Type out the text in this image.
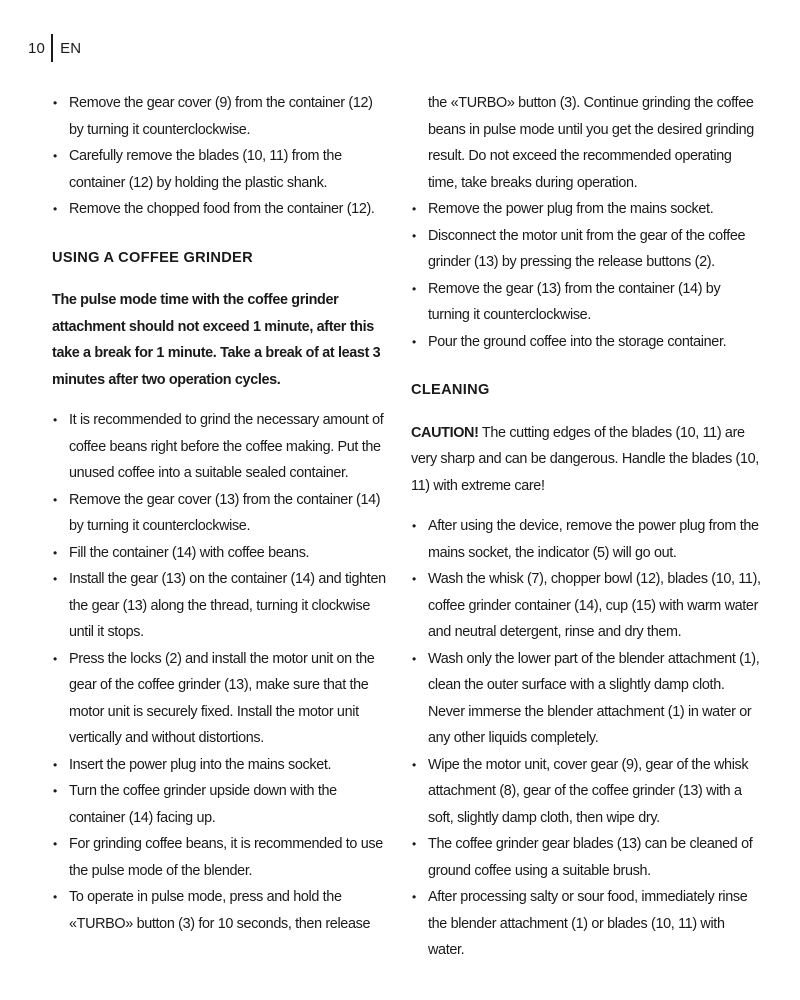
10	EN
• Remove the gear cover (9) from the container (12) by turning it counterclockwise.
• Carefully remove the blades (10, 11) from the container (12) by holding the plastic shank.
• Remove the chopped food from the container (12).
USING A COFFEE GRINDER
The pulse mode time with the coffee grinder attachment should not exceed 1 minute, after this take a break for 1 minute. Take a break of at least 3 minutes after two operation cycles.
• It is recommended to grind the necessary amount of coffee beans right before the coffee making. Put the unused coffee into a suitable sealed container.
• Remove the gear cover (13) from the container (14) by turning it counterclockwise.
• Fill the container (14) with coffee beans.
• Install the gear (13) on the container (14) and tighten the gear (13) along the thread, turning it clockwise until it stops.
• Press the locks (2) and install the motor unit on the gear of the coffee grinder (13), make sure that the motor unit is securely fixed. Install the motor unit vertically and without distortions.
• Insert the power plug into the mains socket.
• Turn the coffee grinder upside down with the container (14) facing up.
• For grinding coffee beans, it is recommended to use the pulse mode of the blender.
• To operate in pulse mode, press and hold the «TURBO» button (3) for 10 seconds, then release
the «TURBO» button (3). Continue grinding the coffee beans in pulse mode until you get the desired grinding result. Do not exceed the recommended operating time, take breaks during operation.
• Remove the power plug from the mains socket.
• Disconnect the motor unit from the gear of the coffee grinder (13) by pressing the release buttons (2).
• Remove the gear (13) from the container (14) by turning it counterclockwise.
• Pour the ground coffee into the storage container.
CLEANING
CAUTION! The cutting edges of the blades (10, 11) are very sharp and can be dangerous. Handle the blades (10, 11) with extreme care!
• After using the device, remove the power plug from the mains socket, the indicator (5) will go out.
• Wash the whisk (7), chopper bowl (12), blades (10, 11), coffee grinder container (14), cup (15) with warm water and neutral detergent, rinse and dry them.
• Wash only the lower part of the blender attachment (1), clean the outer surface with a slightly damp cloth. Never immerse the blender attachment (1) in water or any other liquids completely.
• Wipe the motor unit, cover gear (9), gear of the whisk attachment (8), gear of the coffee grinder (13) with a soft, slightly damp cloth, then wipe dry.
• The coffee grinder gear blades (13) can be cleaned of ground coffee using a suitable brush.
• After processing salty or sour food, immediately rinse the blender attachment (1) or blades (10, 11) with water.
